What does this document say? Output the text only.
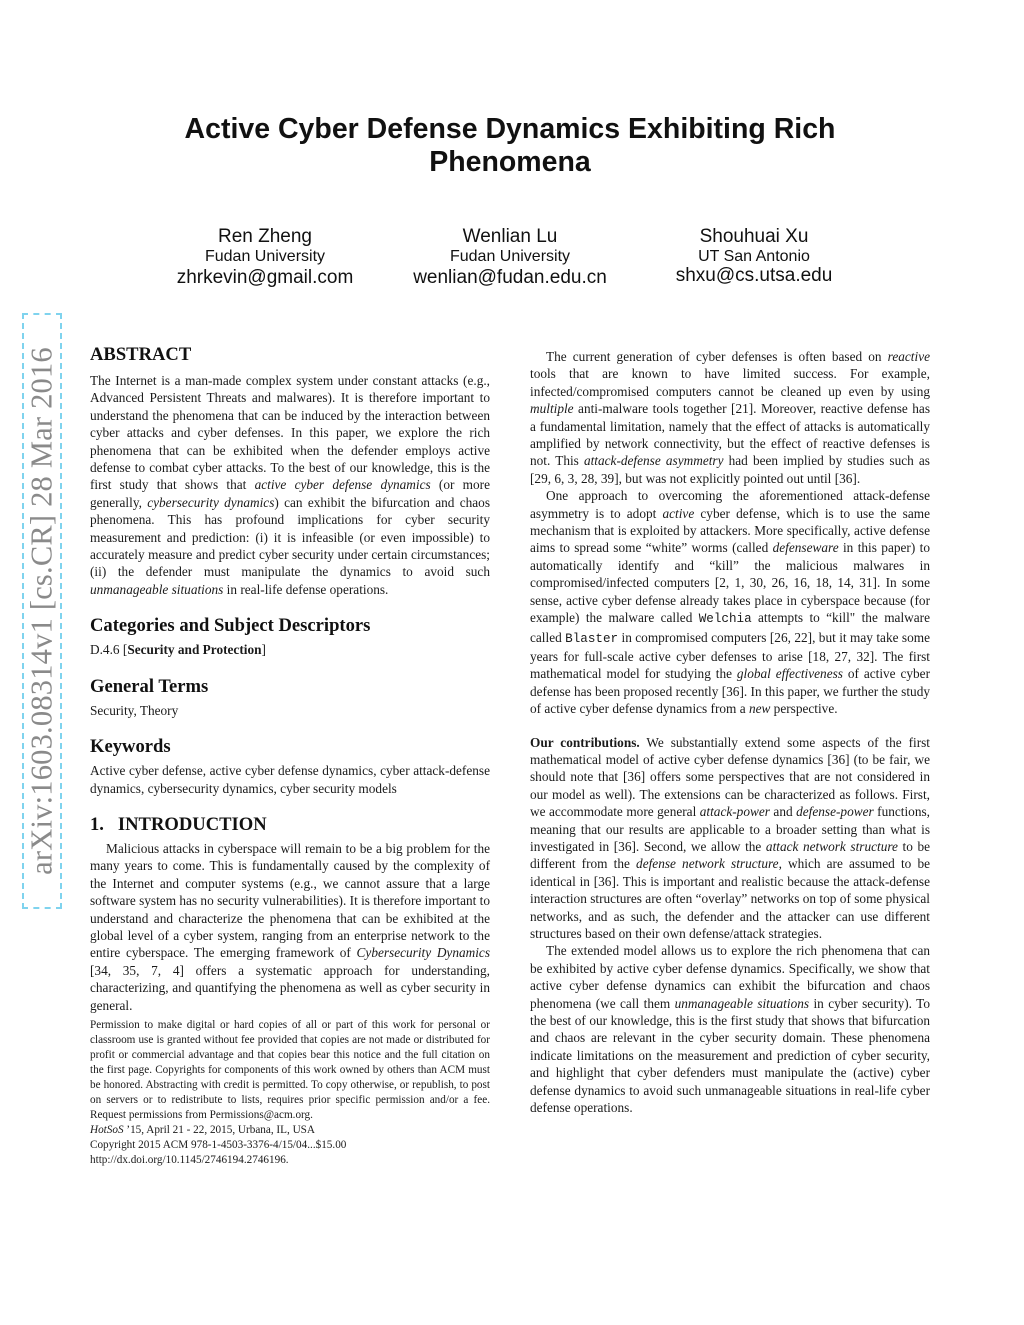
Active Cyber Defense Dynamics Exhibiting Rich Phenomena
Ren Zheng
Fudan University
zhrkevin@gmail.com
Wenlian Lu
Fudan University
wenlian@fudan.edu.cn
Shouhuai Xu
UT San Antonio
shxu@cs.utsa.edu
arXiv:1603.08314v1 [cs.CR] 28 Mar 2016 ABSTRACT

The Internet is a man-made complex system under constant attacks (e.g., Advanced Persistent Threats and malwares). It is therefore important to understand the phenomena that can be induced by the interaction between cyber attacks and cyber defenses. In this paper, we explore the rich phenomena that can be exhibited when the defender employs active defense to combat cyber attacks. To the best of our knowledge, this is the first study that shows that active cyber defense dynamics (or more generally, cybersecurity dynamics) can exhibit the bifurcation and chaos phenomena. This has profound implications for cyber security measurement and prediction: (i) it is infeasible (or even impossible) to accurately measure and predict cyber security under certain circumstances; (ii) the defender must manipulate the dynamics to avoid such unmanageable situations in real-life defense operations.

Categories and Subject Descriptors

D.4.6 [Security and Protection]

General Terms

Security, Theory

Keywords

Active cyber defense, active cyber defense dynamics, cyber attack-defense dynamics, cybersecurity dynamics, cyber security models

1.   INTRODUCTION

Malicious attacks in cyberspace will remain to be a big problem for the many years to come. This is fundamentally caused by the complexity of the Internet and computer systems (e.g., we cannot assure that a large software system has no security vulnerabilities). It is therefore important to understand and characterize the phenomena that can be exhibited at the global level of a cyber system, ranging from an enterprise network to the entire cyberspace. The emerging framework of Cybersecurity Dynamics [34, 35, 7, 4] offers a systematic approach for understanding, characterizing, and quantifying the phenomena as well as cyber security in general.

Permission to make digital or hard copies of all or part of this work for personal or classroom use is granted without fee provided that copies are not made or distributed for profit or commercial advantage and that copies bear this notice and the full citation on the first page. Copyrights for components of this work owned by others than ACM must be honored. Abstracting with credit is permitted. To copy otherwise, or republish, to post on servers or to redistribute to lists, requires prior specific permission and/or a fee. Request permissions from Permissions@acm.org.

HotSoS ’15, April 21 - 22, 2015, Urbana, IL, USA

Copyright 2015 ACM 978-1-4503-3376-4/15/04...$15.00

http://dx.doi.org/10.1145/2746194.2746196.

The current generation of cyber defenses is often based on reactive tools that are known to have limited success. For example, infected/compromised computers cannot be cleaned up even by using multiple anti-malware tools together [21]. Moreover, reactive defense has a fundamental limitation, namely that the effect of attacks is automatically amplified by network connectivity, but the effect of reactive defenses is not. This attack-defense asymmetry had been implied by studies such as [29, 6, 3, 28, 39], but was not explicitly pointed out until [36].

One approach to overcoming the aforementioned attack-defense asymmetry is to adopt active cyber defense, which is to use the same mechanism that is exploited by attackers. More specifically, active defense aims to spread some “white” worms (called defenseware in this paper) to automatically identify and “kill” the malicious malwares in compromised/infected computers [2, 1, 30, 26, 16, 18, 14, 31]. In some sense, active cyber defense already takes place in cyberspace because (for example) the malware called Welchia attempts to “kill" the malware called Blaster in compromised computers [26, 22], but it may take some years for full-scale active cyber defenses to arise [18, 27, 32]. The first mathematical model for studying the global effectiveness of active cyber defense has been proposed recently [36]. In this paper, we further the study of active cyber defense dynamics from a new perspective.

Our contributions. We substantially extend some aspects of the first mathematical model of active cyber defense dynamics [36] (to be fair, we should note that [36] offers some perspectives that are not considered in our model as well). The extensions can be characterized as follows. First, we accommodate more general attack-power and defense-power functions, meaning that our results are applicable to a broader setting than what is investigated in [36]. Second, we allow the attack network structure to be different from the defense network structure, which are assumed to be identical in [36]. This is important and realistic because the attack-defense interaction structures are often “overlay” networks on top of some physical networks, and as such, the defender and the attacker can use different structures based on their own defense/attack strategies.

The extended model allows us to explore the rich phenomena that can be exhibited by active cyber defense dynamics. Specifically, we show that active cyber defense dynamics can exhibit the bifurcation and chaos phenomena (we call them unmanageable situations in cyber security). To the best of our knowledge, this is the first study that shows that bifurcation and chaos are relevant in the cyber security domain. These phenomena indicate limitations on the measurement and prediction of cyber security, and highlight that cyber defenders must manipulate the (active) cyber defense dynamics to avoid such unmanageable situations in real-life cyber defense operations.
